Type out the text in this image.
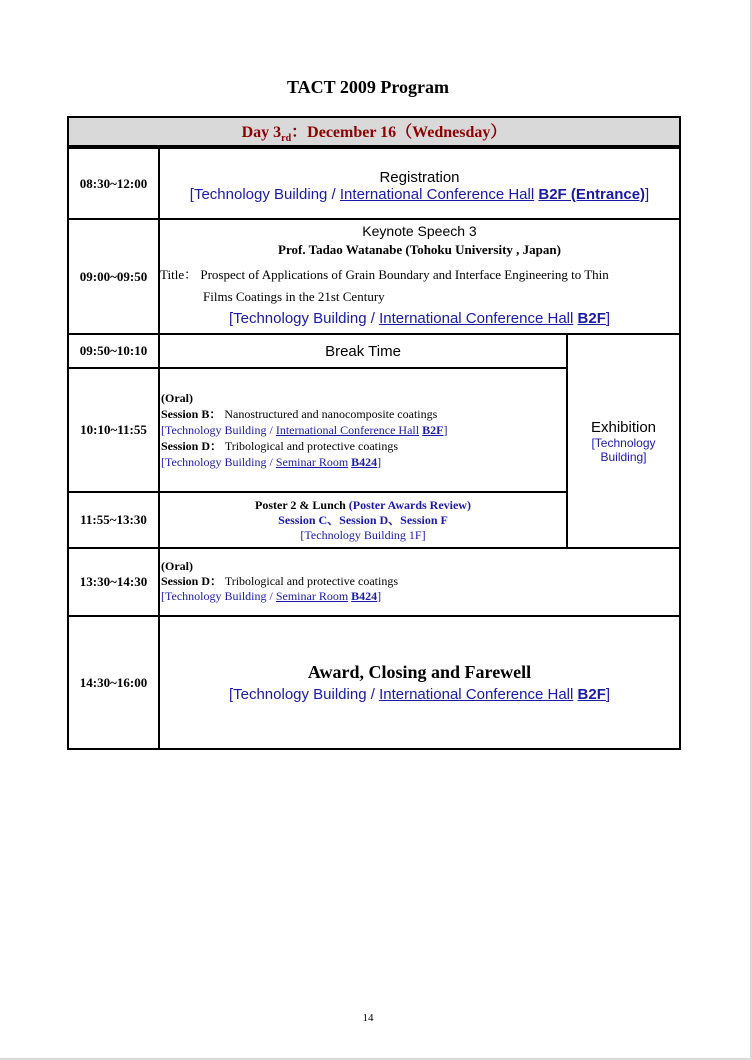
TACT 2009 Program
Day $3_{rd}$：December 16（Wednesday）
08:30~12:00	Registration
[Technology Building / International Conference Hall B2F (Entrance)]
09:00~09:50
Keynote Speech 3
Prof. Tadao Watanabe (Tohoku University , Japan)
Title： Prospect of Applications of Grain Boundary and Interface Engineering to Thin
Films Coatings in the 21st Century
[Technology Building / International Conference Hall B2F]
09:50~10:10	Break Time
Exhibition
[Technology
Building]
10:10~11:55
(Oral)
Session B： Nanostructured and nanocomposite coatings
[Technology Building / International Conference Hall B2F]
Session D： Tribological and protective coatings
[Technology Building / Seminar Room B424]
11:55~13:30
Poster 2 & Lunch (Poster Awards Review)
Session C、Session D、Session F
[Technology Building 1F]
13:30~14:30
(Oral)
Session D： Tribological and protective coatings
[Technology Building / Seminar Room B424]
14:30~16:00	Award, Closing and Farewell
[Technology Building / International Conference Hall B2F]
14
